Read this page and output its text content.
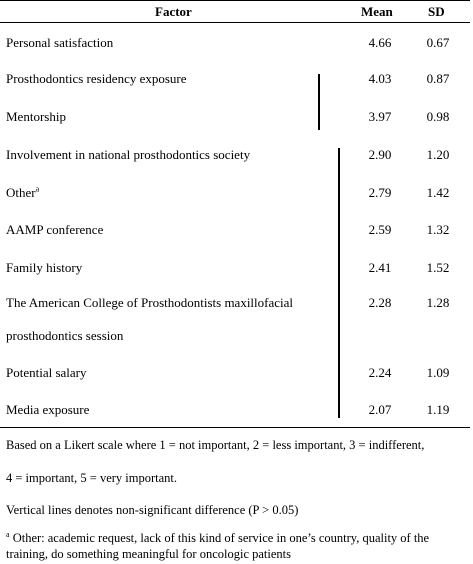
Factor	Mean	SD
Personal satisfaction	4.66	0.67
Prosthodontics residency exposure	4.03	0.87
Mentorship	3.97	0.98
Involvement in national prosthodontics society	2.90	1.20
Other$^a$	2.79	1.42
AAMP conference	2.59	1.32
Family history	2.41	1.52
The American College of Prosthodontists maxillofacial	2.28	1.28
prosthodontics session
Potential salary	2.24	1.09
Media exposure	2.07	1.19
Based on a Likert scale where 1 = not important, 2 = less important, 3 = indifferent,
4 = important, 5 = very important.
Vertical lines denotes non-significant difference (P > 0.05)
$^a$ Other: academic request, lack of this kind of service in one’s country, quality of the
training, do something meaningful for oncologic patients
